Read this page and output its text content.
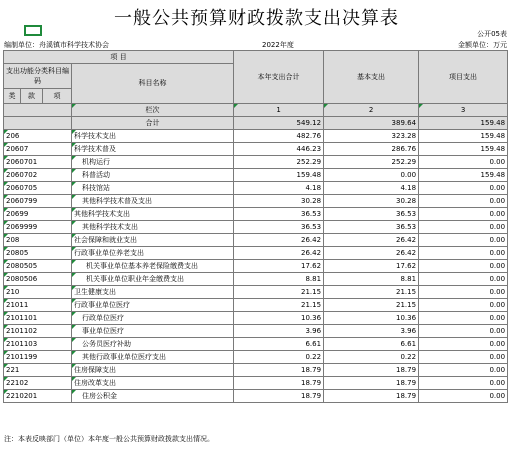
一般公共预算财政拨款支出决算表
公开05表
编制单位：舟溪镇市科学技术协会	2022年度	金额单位：万元
项 目				本年支出合计	基本支出	项目支出
支出功能分类科目编码			科目名称			
类	款	项				
			栏次	1	2	3
			合计	549.12	389.64	159.48
206			科学技术支出	482.76	323.28	159.48
20607			科学技术普及	446.23	286.76	159.48
2060701			机构运行	252.29	252.29	0.00
2060702			科普活动	159.48	0.00	159.48
2060705			科技馆站	4.18	4.18	0.00
2060799			其他科学技术普及支出	30.28	30.28	0.00
20699			其他科学技术支出	36.53	36.53	0.00
2069999			其他科学技术支出	36.53	36.53	0.00
208			社会保障和就业支出	26.42	26.42	0.00
20805			行政事业单位养老支出	26.42	26.42	0.00
2080505			机关事业单位基本养老保险缴费支出	17.62	17.62	0.00
2080506			机关事业单位职业年金缴费支出	8.81	8.81	0.00
210			卫生健康支出	21.15	21.15	0.00
21011			行政事业单位医疗	21.15	21.15	0.00
2101101			行政单位医疗	10.36	10.36	0.00
2101102			事业单位医疗	3.96	3.96	0.00
2101103			公务员医疗补助	6.61	6.61	0.00
2101199			其他行政事业单位医疗支出	0.22	0.22	0.00
221			住房保障支出	18.79	18.79	0.00
22102			住房改革支出	18.79	18.79	0.00
2210201			住房公积金	18.79	18.79	0.00
注：本表反映部门（单位）本年度一般公共预算财政拨款支出情况。
